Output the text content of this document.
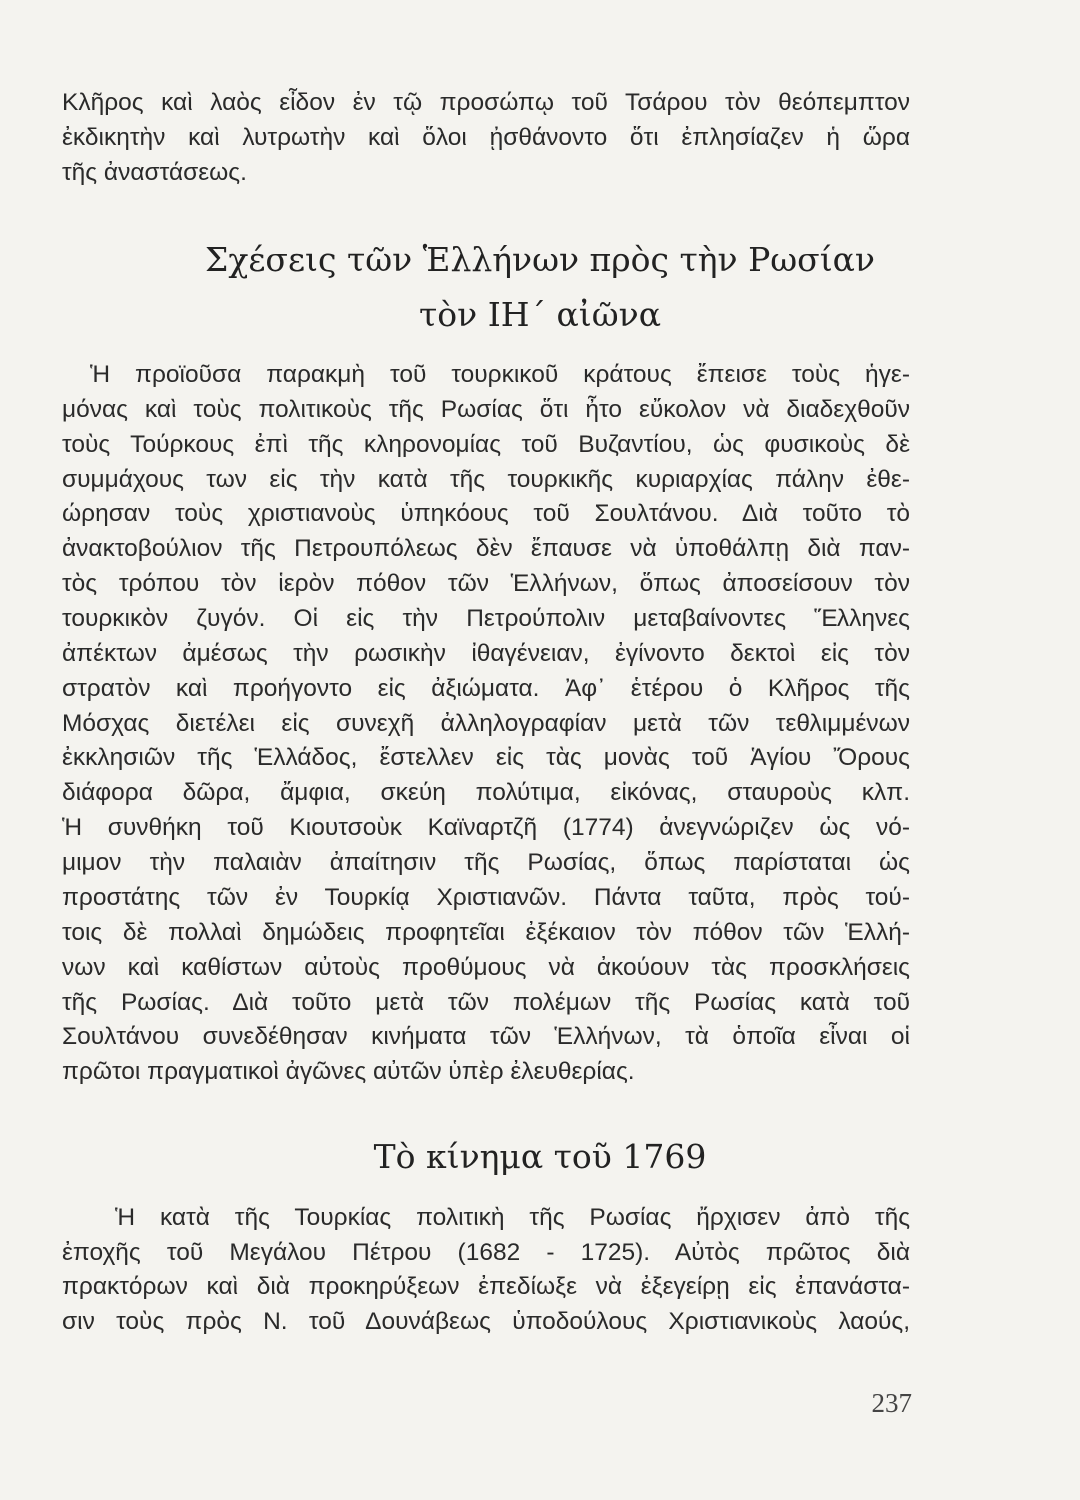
Κλῆρος καὶ λαὸς εἶδον ἐν τῷ προσώπῳ τοῦ Τσάρου τὸν θεόπεμπτον
ἐκδικητὴν καὶ λυτρωτὴν καὶ ὅλοι ᾐσθάνοντο ὅτι ἐπλησίαζεν ἡ ὥρα
τῆς ἀναστάσεως.
Σχέσεις τῶν Ἑλλήνων πρὸς τὴν Ρωσίαν
τὸν ΙΗ΄ αἰῶνα
Ἡ προϊοῦσα παρακμὴ τοῦ τουρκικοῦ κράτους ἔπεισε τοὺς ἡγε-
μόνας καὶ τοὺς πολιτικοὺς τῆς Ρωσίας ὅτι ἦτο εὔκολον νὰ διαδεχθοῦν
τοὺς Τούρκους ἐπὶ τῆς κληρονομίας τοῦ Βυζαντίου, ὡς φυσικοὺς δὲ
συμμάχους των εἰς τὴν κατὰ τῆς τουρκικῆς κυριαρχίας πάλην ἐθε-
ώρησαν τοὺς χριστιανοὺς ὑπηκόους τοῦ Σουλτάνου. Διὰ τοῦτο τὸ
ἀνακτοβούλιον τῆς Πετρουπόλεως δὲν ἔπαυσε νὰ ὑποθάλπῃ διὰ παν-
τὸς τρόπου τὸν ἱερὸν πόθον τῶν Ἑλλήνων, ὅπως ἀποσείσουν τὸν
τουρκικὸν ζυγόν. Οἱ εἰς τὴν Πετρούπολιν μεταβαίνοντες Ἕλληνες
ἀπέκτων ἀμέσως τὴν ρωσικὴν ἰθαγένειαν, ἐγίνοντο δεκτοὶ εἰς τὸν
στρατὸν καὶ προήγοντο εἰς ἀξιώματα. Ἀφ᾽ ἑτέρου ὁ Κλῆρος τῆς
Μόσχας διετέλει εἰς συνεχῆ ἀλληλογραφίαν μετὰ τῶν τεθλιμμένων
ἐκκλησιῶν τῆς Ἑλλάδος, ἔστελλεν εἰς τὰς μονὰς τοῦ Ἁγίου Ὄρους
διάφορα δῶρα, ἄμφια, σκεύη πολύτιμα, εἰκόνας, σταυροὺς κλπ.
Ἡ συνθήκη τοῦ Κιουτσοὺκ Καϊναρτζῆ (1774) ἀνεγνώριζεν ὡς νό-
μιμον τὴν παλαιὰν ἀπαίτησιν τῆς Ρωσίας, ὅπως παρίσταται ὡς
προστάτης τῶν ἐν Τουρκίᾳ Χριστιανῶν. Πάντα ταῦτα, πρὸς τού-
τοις δὲ πολλαὶ δημώδεις προφητεῖαι ἐξέκαιον τὸν πόθον τῶν Ἑλλή-
νων καὶ καθίστων αὐτοὺς προθύμους νὰ ἀκούουν τὰς προσκλήσεις
τῆς Ρωσίας. Διὰ τοῦτο μετὰ τῶν πολέμων τῆς Ρωσίας κατὰ τοῦ
Σουλτάνου συνεδέθησαν κινήματα τῶν Ἑλλήνων, τὰ ὁποῖα εἶναι οἱ
πρῶτοι πραγματικοὶ ἀγῶνες αὐτῶν ὑπὲρ ἐλευθερίας.
Τὸ κίνημα τοῦ 1769
Ἡ κατὰ τῆς Τουρκίας πολιτικὴ τῆς Ρωσίας ἤρχισεν ἀπὸ τῆς
ἐποχῆς τοῦ Μεγάλου Πέτρου (1682 - 1725). Αὐτὸς πρῶτος διὰ
πρακτόρων καὶ διὰ προκηρύξεων ἐπεδίωξε νὰ ἐξεγείρῃ εἰς ἐπανάστα-
σιν τοὺς πρὸς Ν. τοῦ Δουνάβεως ὑποδούλους Χριστιανικοὺς λαούς,
237
